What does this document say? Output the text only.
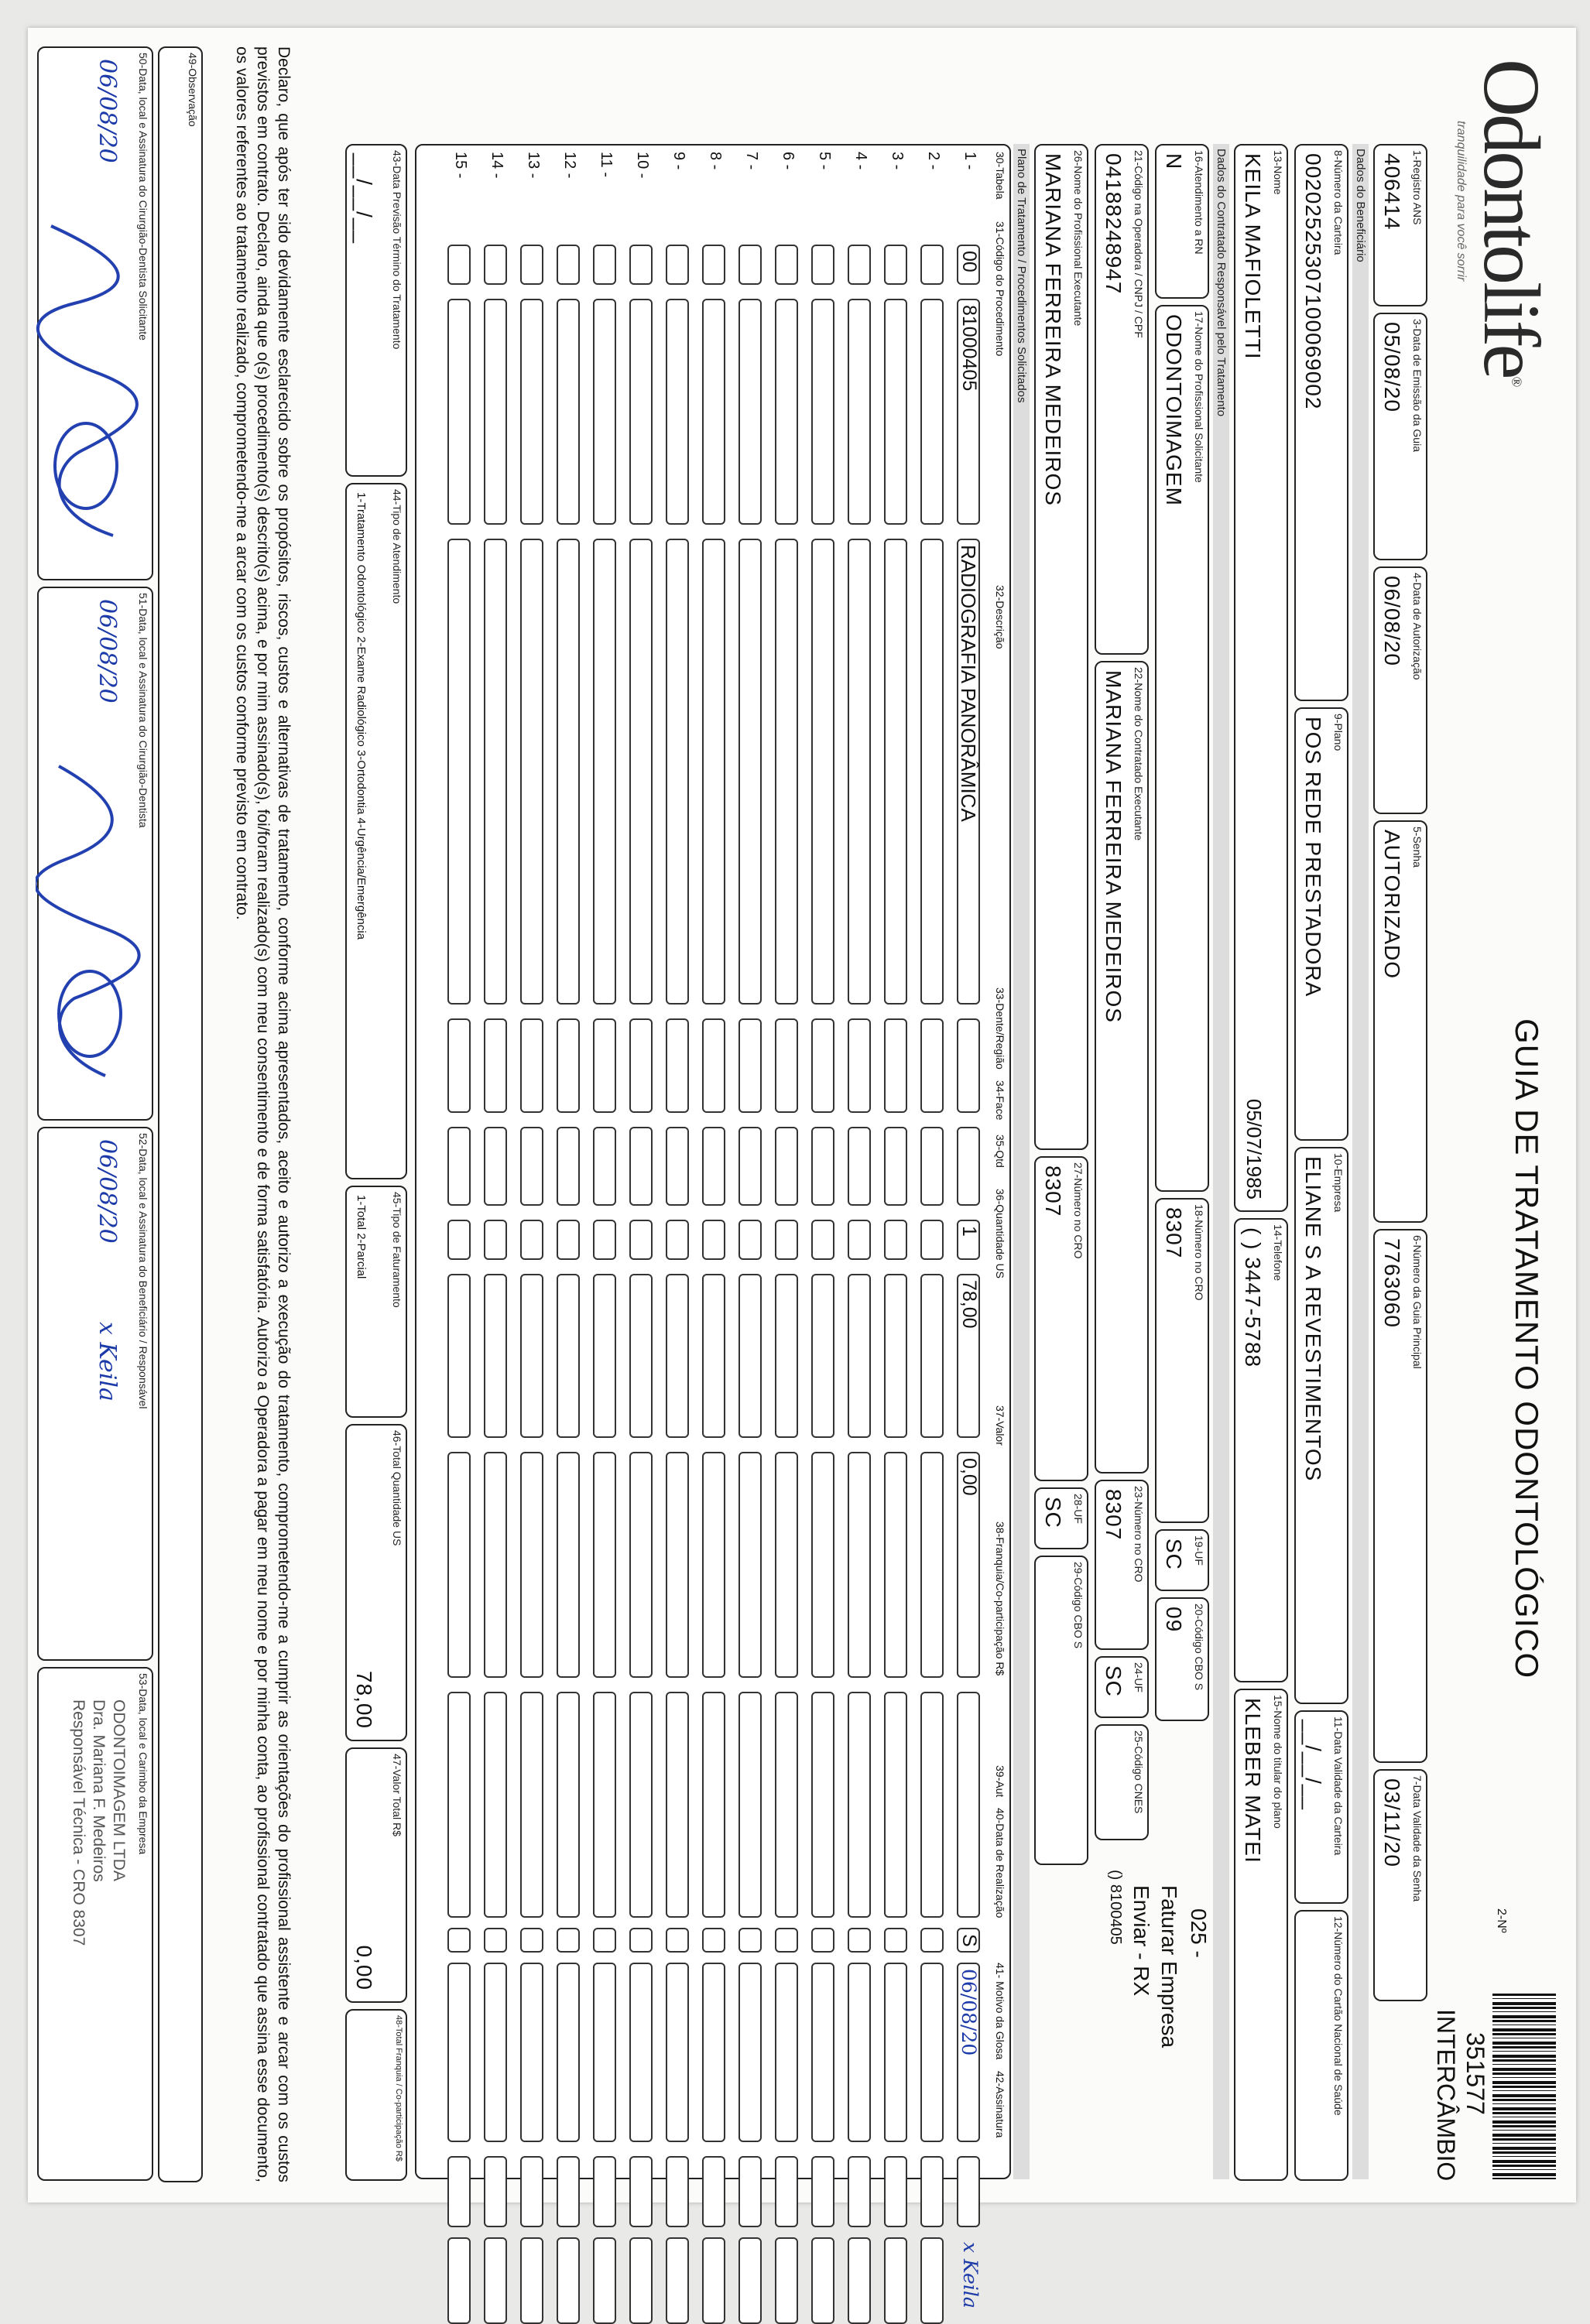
Odontolife®
tranquilidade para você sorrir
GUIA DE TRATAMENTO ODONTOLÓGICO
2-Nº
351577
INTERCÂMBIO
1-Registro ANS
406414
3-Data de Emissão da Guia
05/08/20
4-Data de Autorização
06/08/20
5-Senha
AUTORIZADO
6-Número da Guia Principal
7763060
7-Data Validade da Senha
03/11/20
Dados do Beneficiário
8-Número da Carteira
00202525307100069002
9-Plano
POS REDE PRESTADORA
10-Empresa
ELIANE S A REVESTIMENTOS
11-Data Validade da Carteira
__/__/__
12-Número do Cartão Nacional de Saúde
13-Nome
KEILA MAFIOLETTI
05/07/1985
14-Telefone
( ) 3447-5788
15-Nome do titular do plano
KLEBER MATEI
Dados do Contratado Responsável pelo Tratamento
16-Atendimento a RN
N
17-Nome do Profissional Solicitante
ODONTOIMAGEM
18-Número no CRO
8307
19-UF
SC
20-Código CBO S
09
21-Código na Operadora / CNPJ / CPF
04188248947
22-Nome do Contratado Executante
MARIANA FERREIRA MEDEIROS
23-Número no CRO
8307
24-UF
SC
25-Código CNES
26-Nome do Profissional Executante
MARIANA FERREIRA MEDEIROS
27-Número no CRO
8307
28-UF
SC
29-Código CBO S
025 -
Faturar Empresa
Enviar - RX
() 8100405
Plano de Tratamento / Procedimentos Solicitados
30-Tabela
31-Código do Procedimento
32-Descrição
33-Dente/Região
34-Face
35-Qtd
36-Quantidade US
37-Valor
38-Franquia/Co-participação R$
39-Aut
40-Data de Realização
41- Motivo da Glosa
42-Assinatura
1 -
00
81000405
RADIOGRAFIA PANORÂMICA
1
78,00
0,00
S
06/08/20
x Keila
2 -
3 -
4 -
5 -
6 -
7 -
8 -
9 -
10 -
11 -
12 -
13 -
14 -
15 -
43-Data Previsão Término do Tratamento
__/__/__
44-Tipo de Atendimento
1-Tratamento Odontológico 2-Exame Radiológico 3-Ortodontia 4-Urgência/Emergência
45-Tipo de Faturamento
1-Total 2-Parcial
46-Total Quantidade US
78,00
47-Valor Total R$
0,00
48-Total Franquia / Co-participação R$
Declaro, que após ter sido devidamente esclarecido sobre os propósitos, riscos, custos e alternativas de tratamento, conforme acima apresentados, aceito e autorizo a execução do tratamento, comprometendo-me a cumprir as orientações do profissional assistente e arcar com os custos previstos em contrato. Declaro, ainda que o(s) procedimento(s) descrito(s) acima, e por mim assinado(s), foi/foram realizado(s) com meu consentimento e de forma satisfatória. Autorizo a Operadora a pagar em meu nome e por minha conta, ao profissional contratado que assina esse documento, os valores referentes ao tratamento realizado, comprometendo-me a arcar com os custos conforme previsto em contrato.
49-Observação
50-Data, local e Assinatura do Cirurgião-Dentista Solicitante
06/08/20
51-Data, local e Assinatura do Cirurgião-Dentista
06/08/20
52-Data, local e Assinatura do Beneficiário / Responsável
06/08/20
x Keila
53-Data, local e Carimbo da Empresa
ODONTOIMAGEM LTDA
Dra. Mariana F. Medeiros
Responsável Técnica - CRO 8307
